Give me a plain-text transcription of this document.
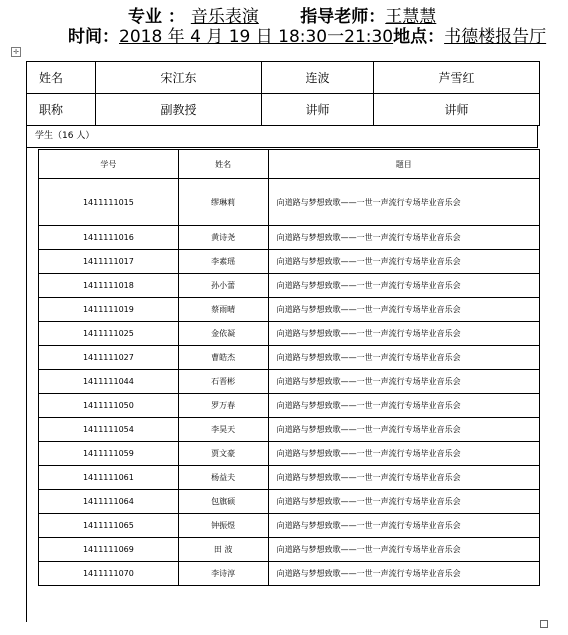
专业 ： 音乐表演 指导老师：王慧慧
时间：2018 年 4 月 19 日 18:30一21:30地点：书德楼报告厅
✛
姓名	宋江东	连波	芦雪红
职称	副教授	讲师	讲师
学生（16 人）
学号	姓名	题目
1411111015	缪琳莉	向道路与梦想致歌——一世一声流行专场毕业音乐会
1411111016	黄诗尧	向道路与梦想致歌——一世一声流行专场毕业音乐会
1411111017	李素瑶	向道路与梦想致歌——一世一声流行专场毕业音乐会
1411111018	孙小蕾	向道路与梦想致歌——一世一声流行专场毕业音乐会
1411111019	蔡雨晴	向道路与梦想致歌——一世一声流行专场毕业音乐会
1411111025	金依凝	向道路与梦想致歌——一世一声流行专场毕业音乐会
1411111027	曹皓杰	向道路与梦想致歌——一世一声流行专场毕业音乐会
1411111044	石晋彬	向道路与梦想致歌——一世一声流行专场毕业音乐会
1411111050	罗万春	向道路与梦想致歌——一世一声流行专场毕业音乐会
1411111054	李昊天	向道路与梦想致歌——一世一声流行专场毕业音乐会
1411111059	贾文豪	向道路与梦想致歌——一世一声流行专场毕业音乐会
1411111061	杨益夫	向道路与梦想致歌——一世一声流行专场毕业音乐会
1411111064	包旗硕	向道路与梦想致歌——一世一声流行专场毕业音乐会
1411111065	钟振煜	向道路与梦想致歌——一世一声流行专场毕业音乐会
1411111069	田 波	向道路与梦想致歌——一世一声流行专场毕业音乐会
1411111070	李诗淳	向道路与梦想致歌——一世一声流行专场毕业音乐会
